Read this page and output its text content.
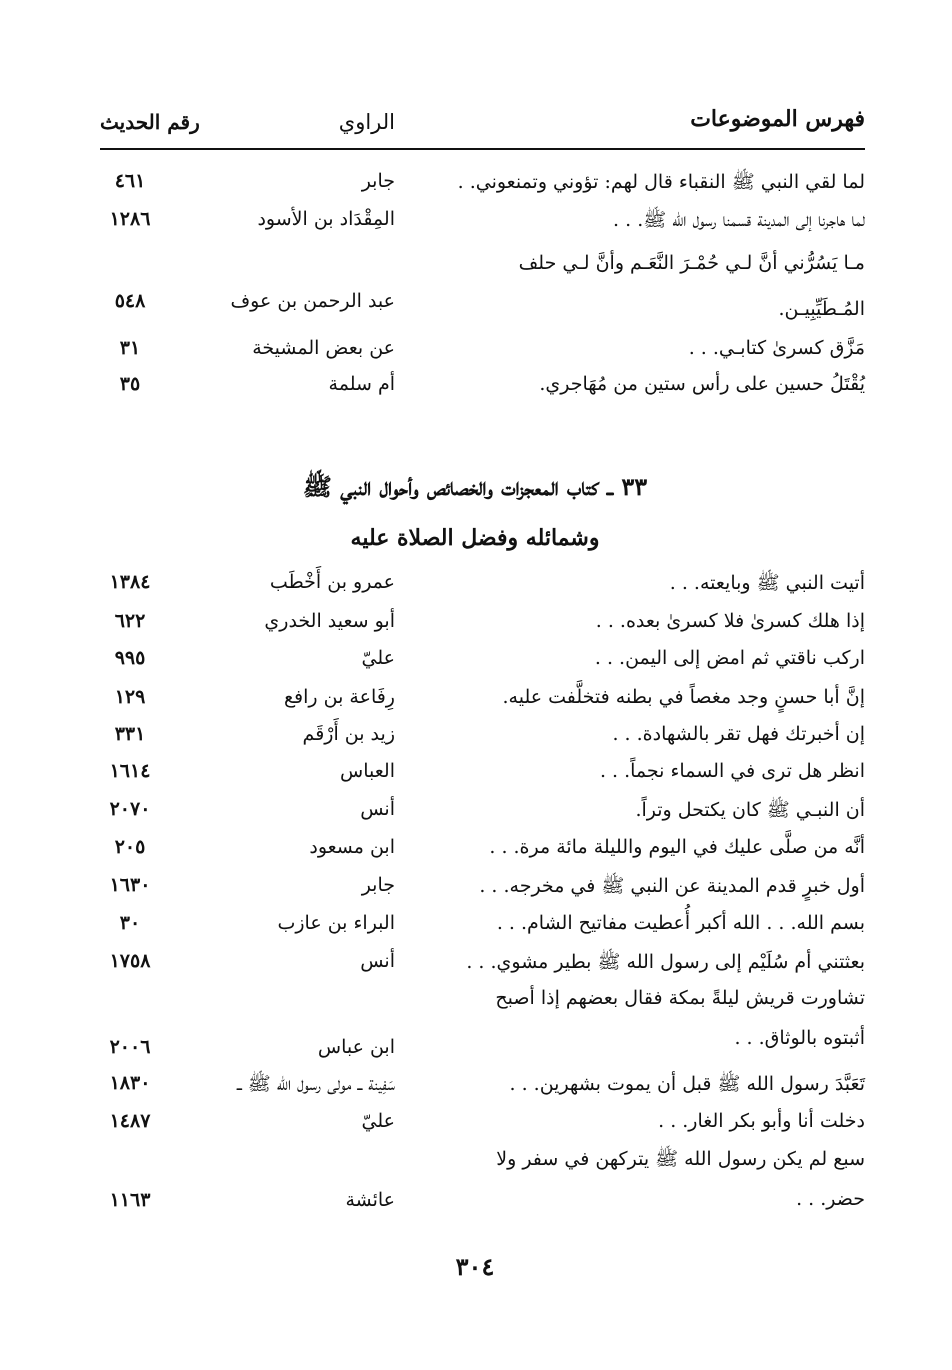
فهرس الموضوعات
الراوي
رقم الحديث
لما لقي النبي ﷺ النقباء قال لهم: تؤوني وتمنعوني. .
جابر
٤٦١
لما هاجرنا إلى المدينة قسمنا رسول الله ﷺ. . .
المِقْدَاد بن الأسود
١٢٨٦
مـا يَسُرُّني أنَّ لـي حُمْـرَ النَّعَـم وأنَّ لـي حلف المُـطَيِّبِيـن.
عبد الرحمن بن عوف
٥٤٨
مَزَّق كسرىٰ كتابـي. . .
عن بعض المشيخة
٣١
يُقْتَلُ حسين على رأس ستين من مُهَاجري.
أم سلمة
٣٥
٣٣ ــ كتاب المعجزات والخصائص وأحوال النبي ﷺ
وشمائله وفضل الصلاة عليه
أتيت النبي ﷺ وبايعته. . .
عمرو بن أَخْطَب
١٣٨٤
إذا هلك كسرىٰ فلا كسرىٰ بعده. . .
أبو سعيد الخدري
٦٢٢
اركب ناقتي ثم امض إلى اليمن. . .
عليّ
٩٩٥
إنَّ أبا حسنٍ وجد مغصاً في بطنه فتخلَّفت عليه.
رِفَاعة بن رافع
١٢٩
إن أخبرتك فهل تقر بالشهادة. . .
زيد بن أَرْقَم
٣٣١
انظر هل ترى في السماء نجماً. . .
العباس
١٦١٤
أن النبـي ﷺ كان يكتحل وتراً.
أنس
٢٠٧٠
أنَّه من صلَّى عليك في اليوم والليلة مائة مرة. . .
ابن مسعود
٢٠٥
أول خبرٍ قدم المدينة عن النبي ﷺ في مخرجه. . .
جابر
١٦٣٠
بسم الله. . . الله أكبر أُعطيت مفاتيح الشام. . .
البراء بن عازب
٣٠
بعثتني أم سُلَيْم إلى رسول الله ﷺ بطير مشوي. . .
أنس
١٧٥٨
تشاورت قريش ليلةً بمكة فقال بعضهم إذا أصبح أثبتوه بالوثاق. . .
ابن عباس
٢٠٠٦
تَعَبَّدَ رسول الله ﷺ قبل أن يموت بشهرين. . .
سَفِينة ــ مولى رسول الله ﷺ ــ
١٨٣٠
دخلت أنا وأبو بكر الغار. . .
عليّ
١٤٨٧
سبع لم يكن رسول الله ﷺ يتركهن في سفر ولا حضر. . .
عائشة
١١٦٣
٣٠٤
